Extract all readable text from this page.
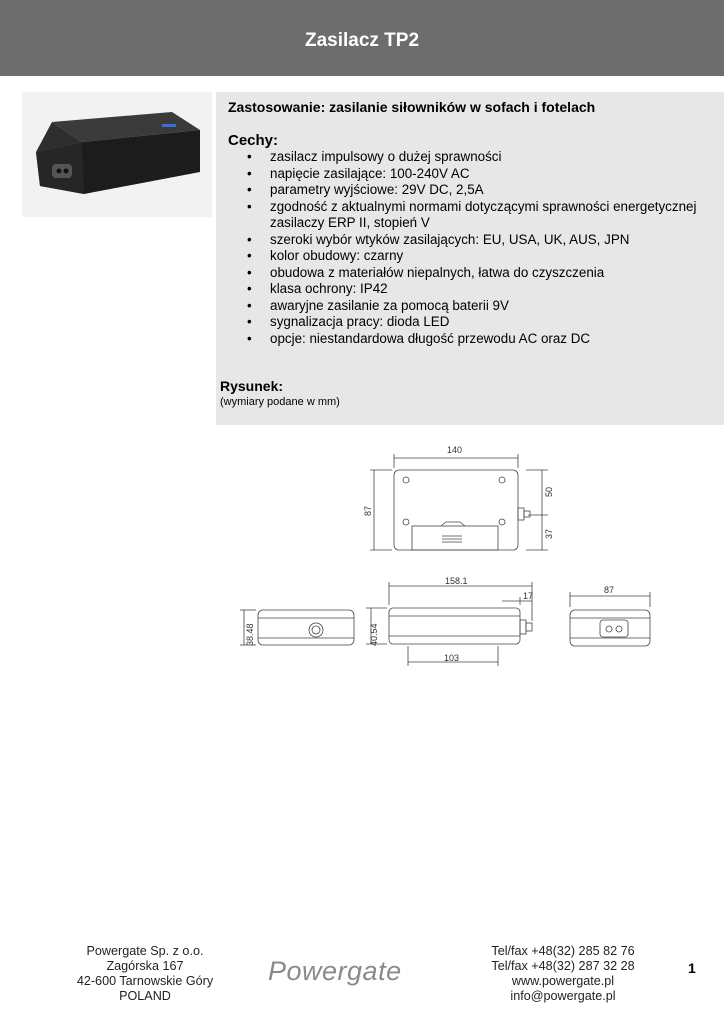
Zasilacz TP2
Zastosowanie: zasilanie siłowników w sofach i fotelach
Cechy:
• zasilacz impulsowy o dużej sprawności
• napięcie zasilające: 100-240V AC
• parametry wyjściowe: 29V DC, 2,5A
• zgodność z aktualnymi normami dotyczącymi sprawności energetycznej zasilaczy ERP II, stopień V
• szeroki wybór wtyków zasilających: EU, USA, UK, AUS, JPN
• kolor obudowy: czarny
• obudowa z materiałów niepalnych, łatwa do czyszczenia
• klasa ochrony: IP42
• awaryjne zasilanie za pomocą baterii 9V
• sygnalizacja pracy: dioda LED
• opcje: niestandardowa długość przewodu AC oraz DC
Rysunek:
(wymiary podane w mm)
140
87
50
37
158.1
17
40.54
103
38.48
87
Powergate Sp. z o.o.
Zagórska 167
42-600 Tarnowskie Góry
POLAND
Powergate
Tel/fax +48(32) 285 82 76
Tel/fax +48(32) 287 32 28
www.powergate.pl
info@powergate.pl
1
